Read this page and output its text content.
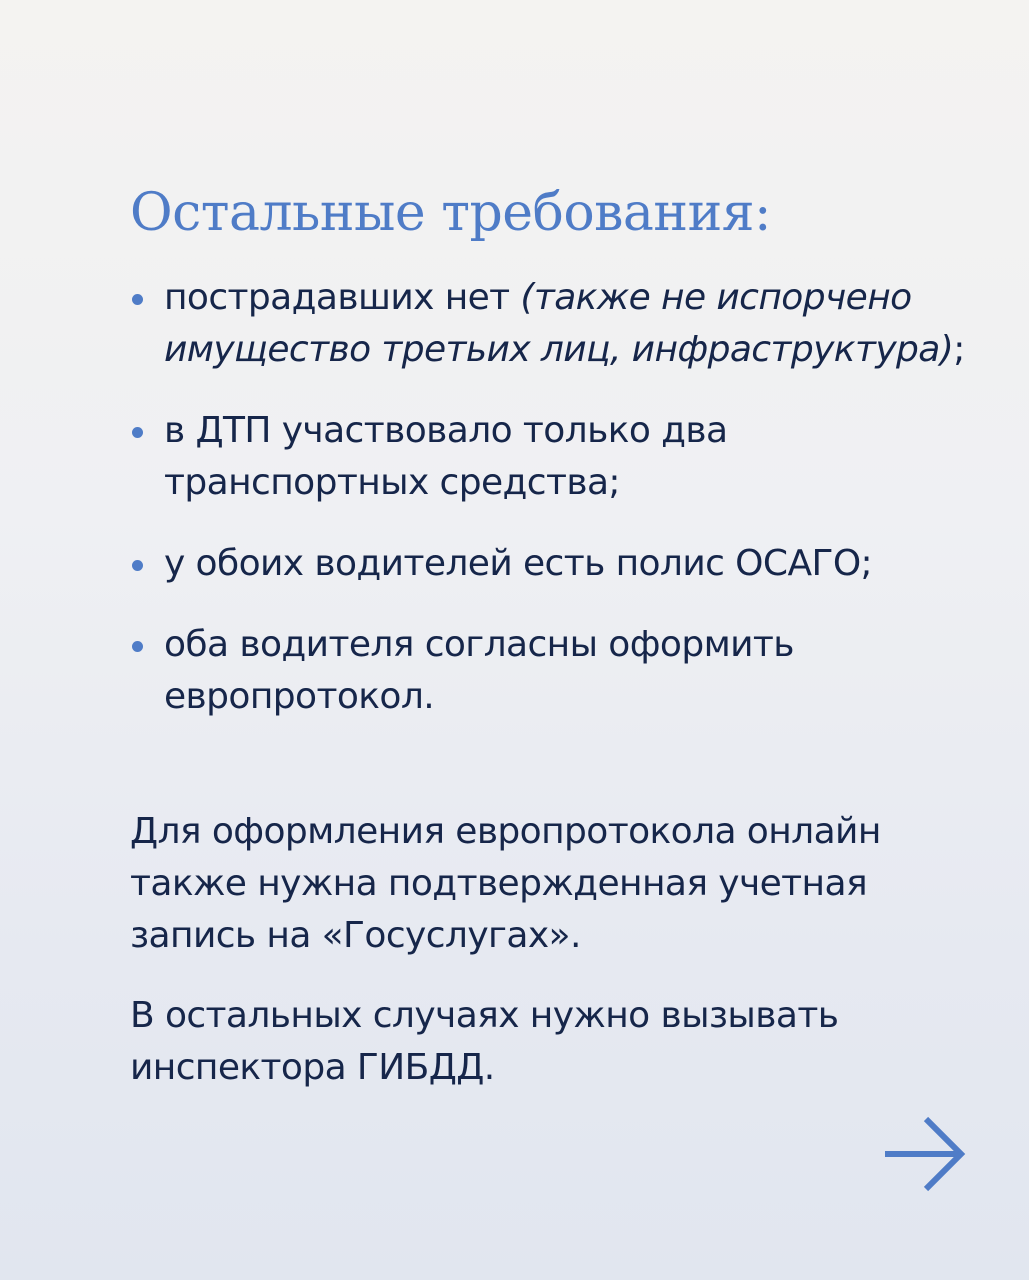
Остальные требования:
пострадавших нет (также не испорчено имущество третьих лиц, инфраструктура);
в ДТП участвовало только два транспортных средства;
у обоих водителей есть полис ОСАГО;
оба водителя согласны оформить европротокол.

Для оформления европротокола онлайн также нужна подтвержденная учетная запись на «Госуслугах».

В остальных случаях нужно вызывать инспектора ГИБДД.
